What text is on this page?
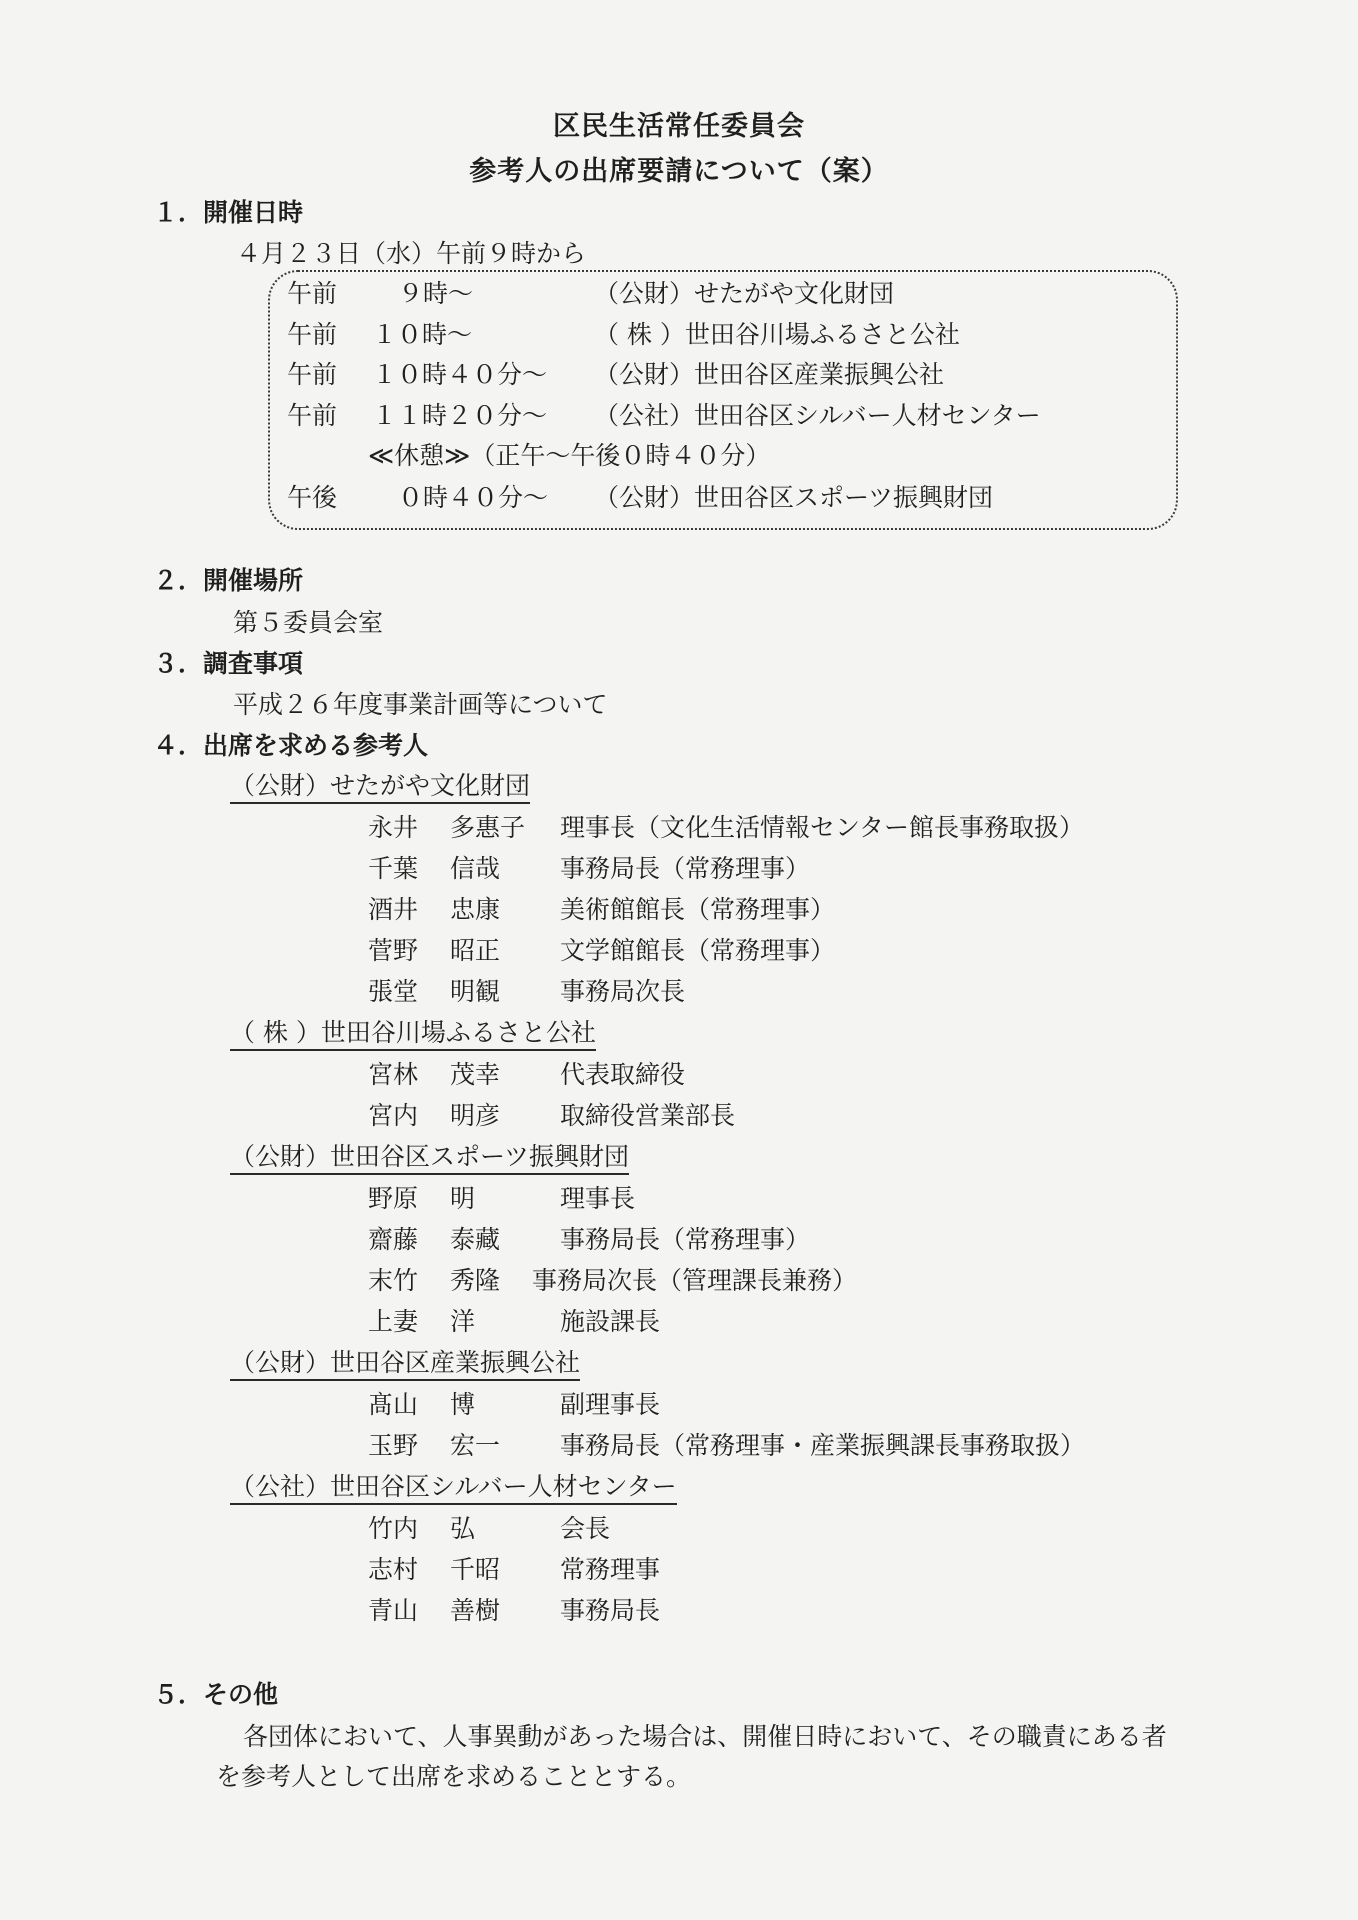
区民生活常任委員会
参考人の出席要請について（案）
１．開催日時
４月２３日（水）午前９時から
午前 ９時～	（公財）せたがや文化財団
午前 １０時～	（ 株 ）世田谷川場ふるさと公社
午前 １０時４０分～ （公財）世田谷区産業振興公社
午前 １１時２０分～ （公社）世田谷区シルバー人材センター
≪休憩≫（正午～午後０時４０分）
午後 ０時４０分～ （公財）世田谷区スポーツ振興財団
２．開催場所
第５委員会室
３．調査事項
平成２６年度事業計画等について
４．出席を求める参考人
（公財）せたがや文化財団
永井 多惠子 理事長（文化生活情報センター館長事務取扱）
千葉 信哉 事務局長（常務理事）
酒井 忠康 美術館館長（常務理事）
菅野 昭正 文学館館長（常務理事）
張堂 明観 事務局次長
（ 株 ）世田谷川場ふるさと公社
宮林 茂幸 代表取締役
宮内 明彦 取締役営業部長
（公財）世田谷区スポーツ振興財団
野原 明	理事長
齋藤 泰藏 事務局長（常務理事）
末竹 秀隆 事務局次長（管理課長兼務）
上妻 洋	施設課長
（公財）世田谷区産業振興公社
髙山 博	副理事長
玉野 宏一 事務局長（常務理事・産業振興課長事務取扱）
（公社）世田谷区シルバー人材センター
竹内 弘	会長
志村 千昭 常務理事
青山 善樹 事務局長
５．その他
各団体において、人事異動があった場合は、開催日時において、その職責にある者
を参考人として出席を求めることとする。
